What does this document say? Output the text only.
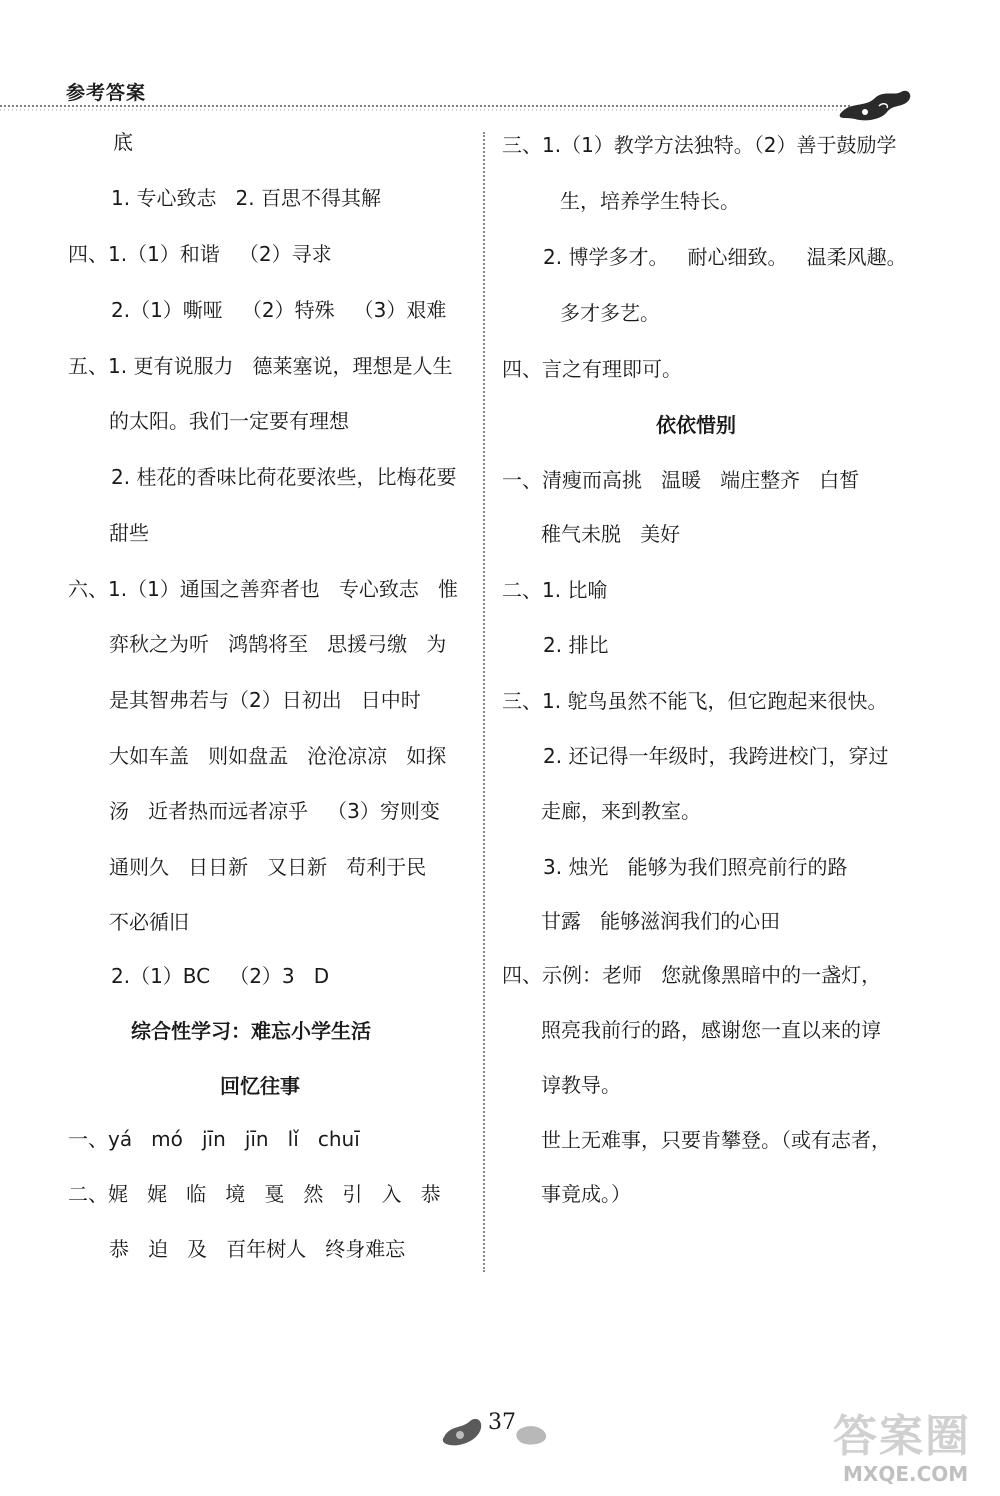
参考答案
底
1. 专心致志   2. 百思不得其解
四、1.（1）和谐   （2）寻求
2.（1）嘶哑   （2）特殊   （3）艰难
五、1. 更有说服力   德莱塞说，理想是人生
的太阳。我们一定要有理想
2. 桂花的香味比荷花要浓些，比梅花要
甜些
六、1.（1）通国之善弈者也   专心致志   惟
弈秋之为听   鸿鹄将至   思援弓缴   为
是其智弗若与（2）日初出   日中时
大如车盖   则如盘盂   沧沧凉凉   如探
汤   近者热而远者凉乎   （3）穷则变
通则久   日日新   又日新   苟利于民
不必循旧
2.（1）BC   （2）3   D
综合性学习：难忘小学生活
回忆往事
一、yá   mó   jīn   jīn   lǐ   chuī
二、娓   娓   临   境   戛   然   引   入   恭
恭   迫   及   百年树人   终身难忘
三、1.（1）教学方法独特。（2）善于鼓励学
生，培养学生特长。
2. 博学多才。   耐心细致。   温柔风趣。
多才多艺。
四、言之有理即可。
依依惜别
一、清瘦而高挑   温暖   端庄整齐   白皙
稚气未脱   美好
二、1. 比喻
2. 排比
三、1. 鸵鸟虽然不能飞，但它跑起来很快。
2. 还记得一年级时，我跨进校门，穿过
走廊，来到教室。
3. 烛光   能够为我们照亮前行的路
甘露   能够滋润我们的心田
四、示例：老师   您就像黑暗中的一盏灯，
照亮我前行的路，感谢您一直以来的谆
谆教导。
世上无难事，只要肯攀登。（或有志者，
事竟成。）
37	答案圈
MXQE.COM
